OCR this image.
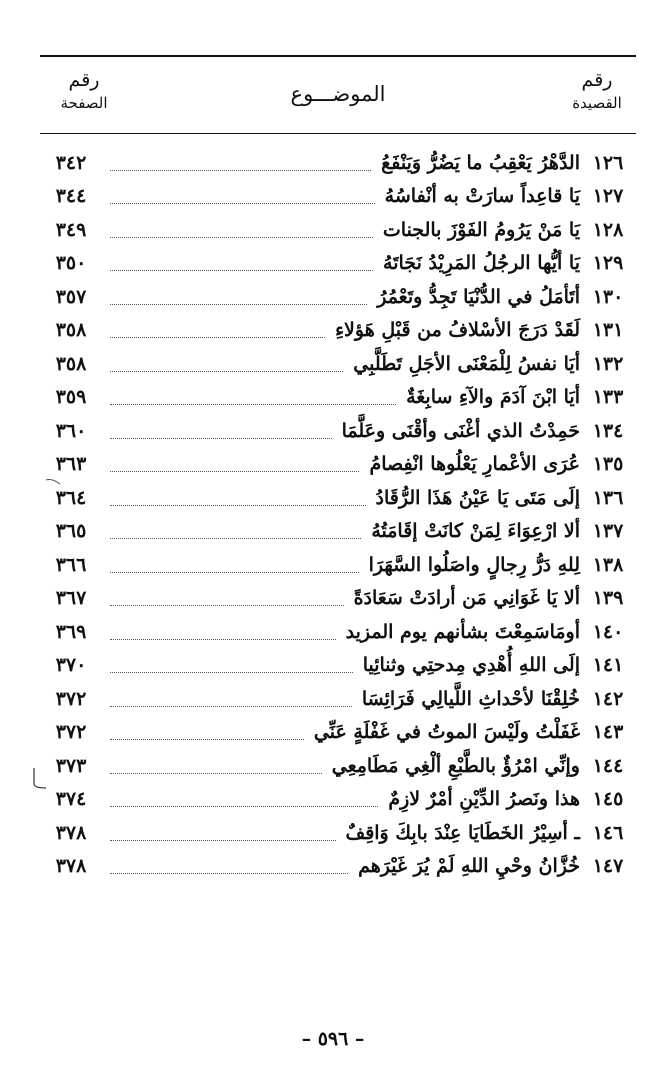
رقم
القصيدة
الموضـــوع
رقم
الصفحة
١٢٦
الدَّهْرُ يَعْقِبُ ما يَضُرُّ وَيَنْفَعُ
٣٤٢
١٢٧
يَا قاعِداً سارَتْ به أنْفاسُهُ
٣٤٤
١٢٨
يَا مَنْ يَرُومُ الفَوْزَ بالجنات
٣٤٩
١٢٩
يَا أيُّها الرجُلُ المَرِيْدُ نَجَاتَهُ
٣٥٠
١٣٠
أتَأمَلُ في الدُّنْيَا تَجِدُّ وتَعْمُرُ
٣٥٧
١٣١
لَقَدْ دَرَجَ الأسْلافُ من قَبْلِ هَؤلاءِ
٣٥٨
١٣٢
أيَا نفسُ لِلْمَعْنَى الأجَلِ تَطَلَّبِي
٣٥٨
١٣٣
أيَا ابْنَ آدَمَ والآءِ سابِغَةٌ
٣٥٩
١٣٤
حَمِدْتُ الذي أغْنَى وأقْنَى وعَلَّمَا
٣٦٠
١٣٥
عُرَى الأعْمارِ يَعْلُوها انْفِصامُ
٣٦٣
١٣٦
إلَى مَتَى يَا عَيْنُ هَذَا الرُّقَادُ
٣٦٤
١٣٧
ألا ارْعِوَاءَ لِمَنْ كانَتْ إقَامَتُهُ
٣٦٥
١٣٨
لِلهِ دَرُّ رِجالٍ واصَلُوا السَّهَرَا
٣٦٦
١٣٩
ألا يَا غَوَانِي مَن أرادَتْ سَعَادَةً
٣٦٧
١٤٠
أومَاسَمِعْتَ بشأنهم يوم المزيد
٣٦٩
١٤١
إلَى اللهِ أُهْدِي مِدحتِي وثنائِيا
٣٧٠
١٤٢
خُلِقْنَا لأحْداثِ اللَّيالِي فَرَائِسَا
٣٧٢
١٤٣
غَفَلْتُ ولَيْسَ الموتُ في غَفْلَةٍ عَنِّي
٣٧٢
١٤٤
وإنِّي امْرُؤٌ بالطَّبْعِ ألْغِي مَطَامِعِي
٣٧٣
١٤٥
هذا ونَصرُ الدِّيْنِ أمْرٌ لازِمٌ
٣٧٤
١٤٦
ـ أسِيْرُ الخَطَايَا عِنْدَ بابِكَ وَاقِفٌ
٣٧٨
١٤٧
خُزَّانُ وحْيِ اللهِ لَمْ يُرَ غَيْرَهم
٣٧٨
– ٥٩٦ –
